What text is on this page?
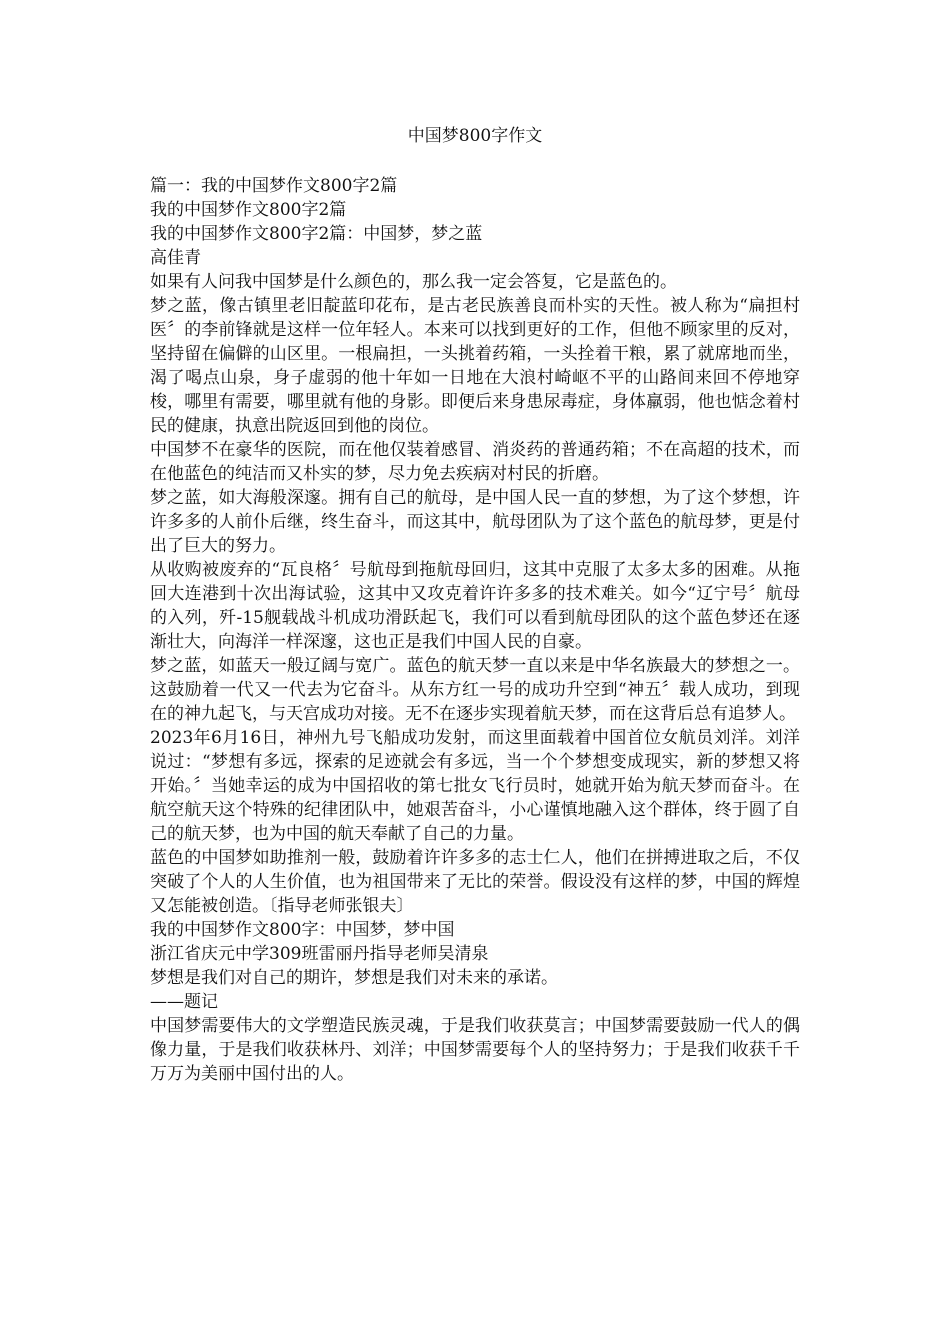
中国梦800字作文

篇一：我的中国梦作文800字2篇

我的中国梦作文800字2篇

我的中国梦作文800字2篇：中国梦，梦之蓝

高佳青

如果有人问我中国梦是什么颜色的，那么我一定会答复，它是蓝色的。

梦之蓝，像古镇里老旧靛蓝印花布，是古老民族善良而朴实的天性。被人称为“扁担村医〞的李前锋就是这样一位年轻人。本来可以找到更好的工作，但他不顾家里的反对，坚持留在偏僻的山区里。一根扁担，一头挑着药箱，一头拴着干粮，累了就席地而坐，渴了喝点山泉，身子虚弱的他十年如一日地在大浪村崎岖不平的山路间来回不停地穿梭，哪里有需要，哪里就有他的身影。即便后来身患尿毒症，身体羸弱，他也惦念着村民的健康，执意出院返回到他的岗位。

中国梦不在豪华的医院，而在他仅装着感冒、消炎药的普通药箱；不在高超的技术，而在他蓝色的纯洁而又朴实的梦，尽力免去疾病对村民的折磨。

梦之蓝，如大海般深邃。拥有自己的航母，是中国人民一直的梦想，为了这个梦想，许许多多的人前仆后继，终生奋斗，而这其中，航母团队为了这个蓝色的航母梦，更是付出了巨大的努力。

从收购被废弃的“瓦良格〞号航母到拖航母回归，这其中克服了太多太多的困难。从拖回大连港到十次出海试验，这其中又攻克着许许多多的技术难关。如今“辽宁号〞航母的入列，歼-15舰载战斗机成功滑跃起飞，我们可以看到航母团队的这个蓝色梦还在逐渐壮大，向海洋一样深邃，这也正是我们中国人民的自豪。

梦之蓝，如蓝天一般辽阔与宽广。蓝色的航天梦一直以来是中华名族最大的梦想之一。这鼓励着一代又一代去为它奋斗。从东方红一号的成功升空到“神五〞载人成功，到现在的神九起飞，与天宫成功对接。无不在逐步实现着航天梦，而在这背后总有追梦人。

2023年6月16日，神州九号飞船成功发射，而这里面载着中国首位女航员刘洋。刘洋说过：“梦想有多远，探索的足迹就会有多远，当一个个梦想变成现实，新的梦想又将开始。〞当她幸运的成为中国招收的第七批女飞行员时，她就开始为航天梦而奋斗。在航空航天这个特殊的纪律团队中，她艰苦奋斗，小心谨慎地融入这个群体，终于圆了自己的航天梦，也为中国的航天奉献了自己的力量。

蓝色的中国梦如助推剂一般，鼓励着许许多多的志士仁人，他们在拼搏进取之后，不仅突破了个人的人生价值，也为祖国带来了无比的荣誉。假设没有这样的梦，中国的辉煌又怎能被创造。〔指导老师张银夫〕

我的中国梦作文800字：中国梦，梦中国

浙江省庆元中学309班雷丽丹指导老师吴清泉

梦想是我们对自己的期许，梦想是我们对未来的承诺。

——题记

中国梦需要伟大的文学塑造民族灵魂，于是我们收获莫言；中国梦需要鼓励一代人的偶像力量，于是我们收获林丹、刘洋；中国梦需要每个人的坚持努力；于是我们收获千千万万为美丽中国付出的人。
